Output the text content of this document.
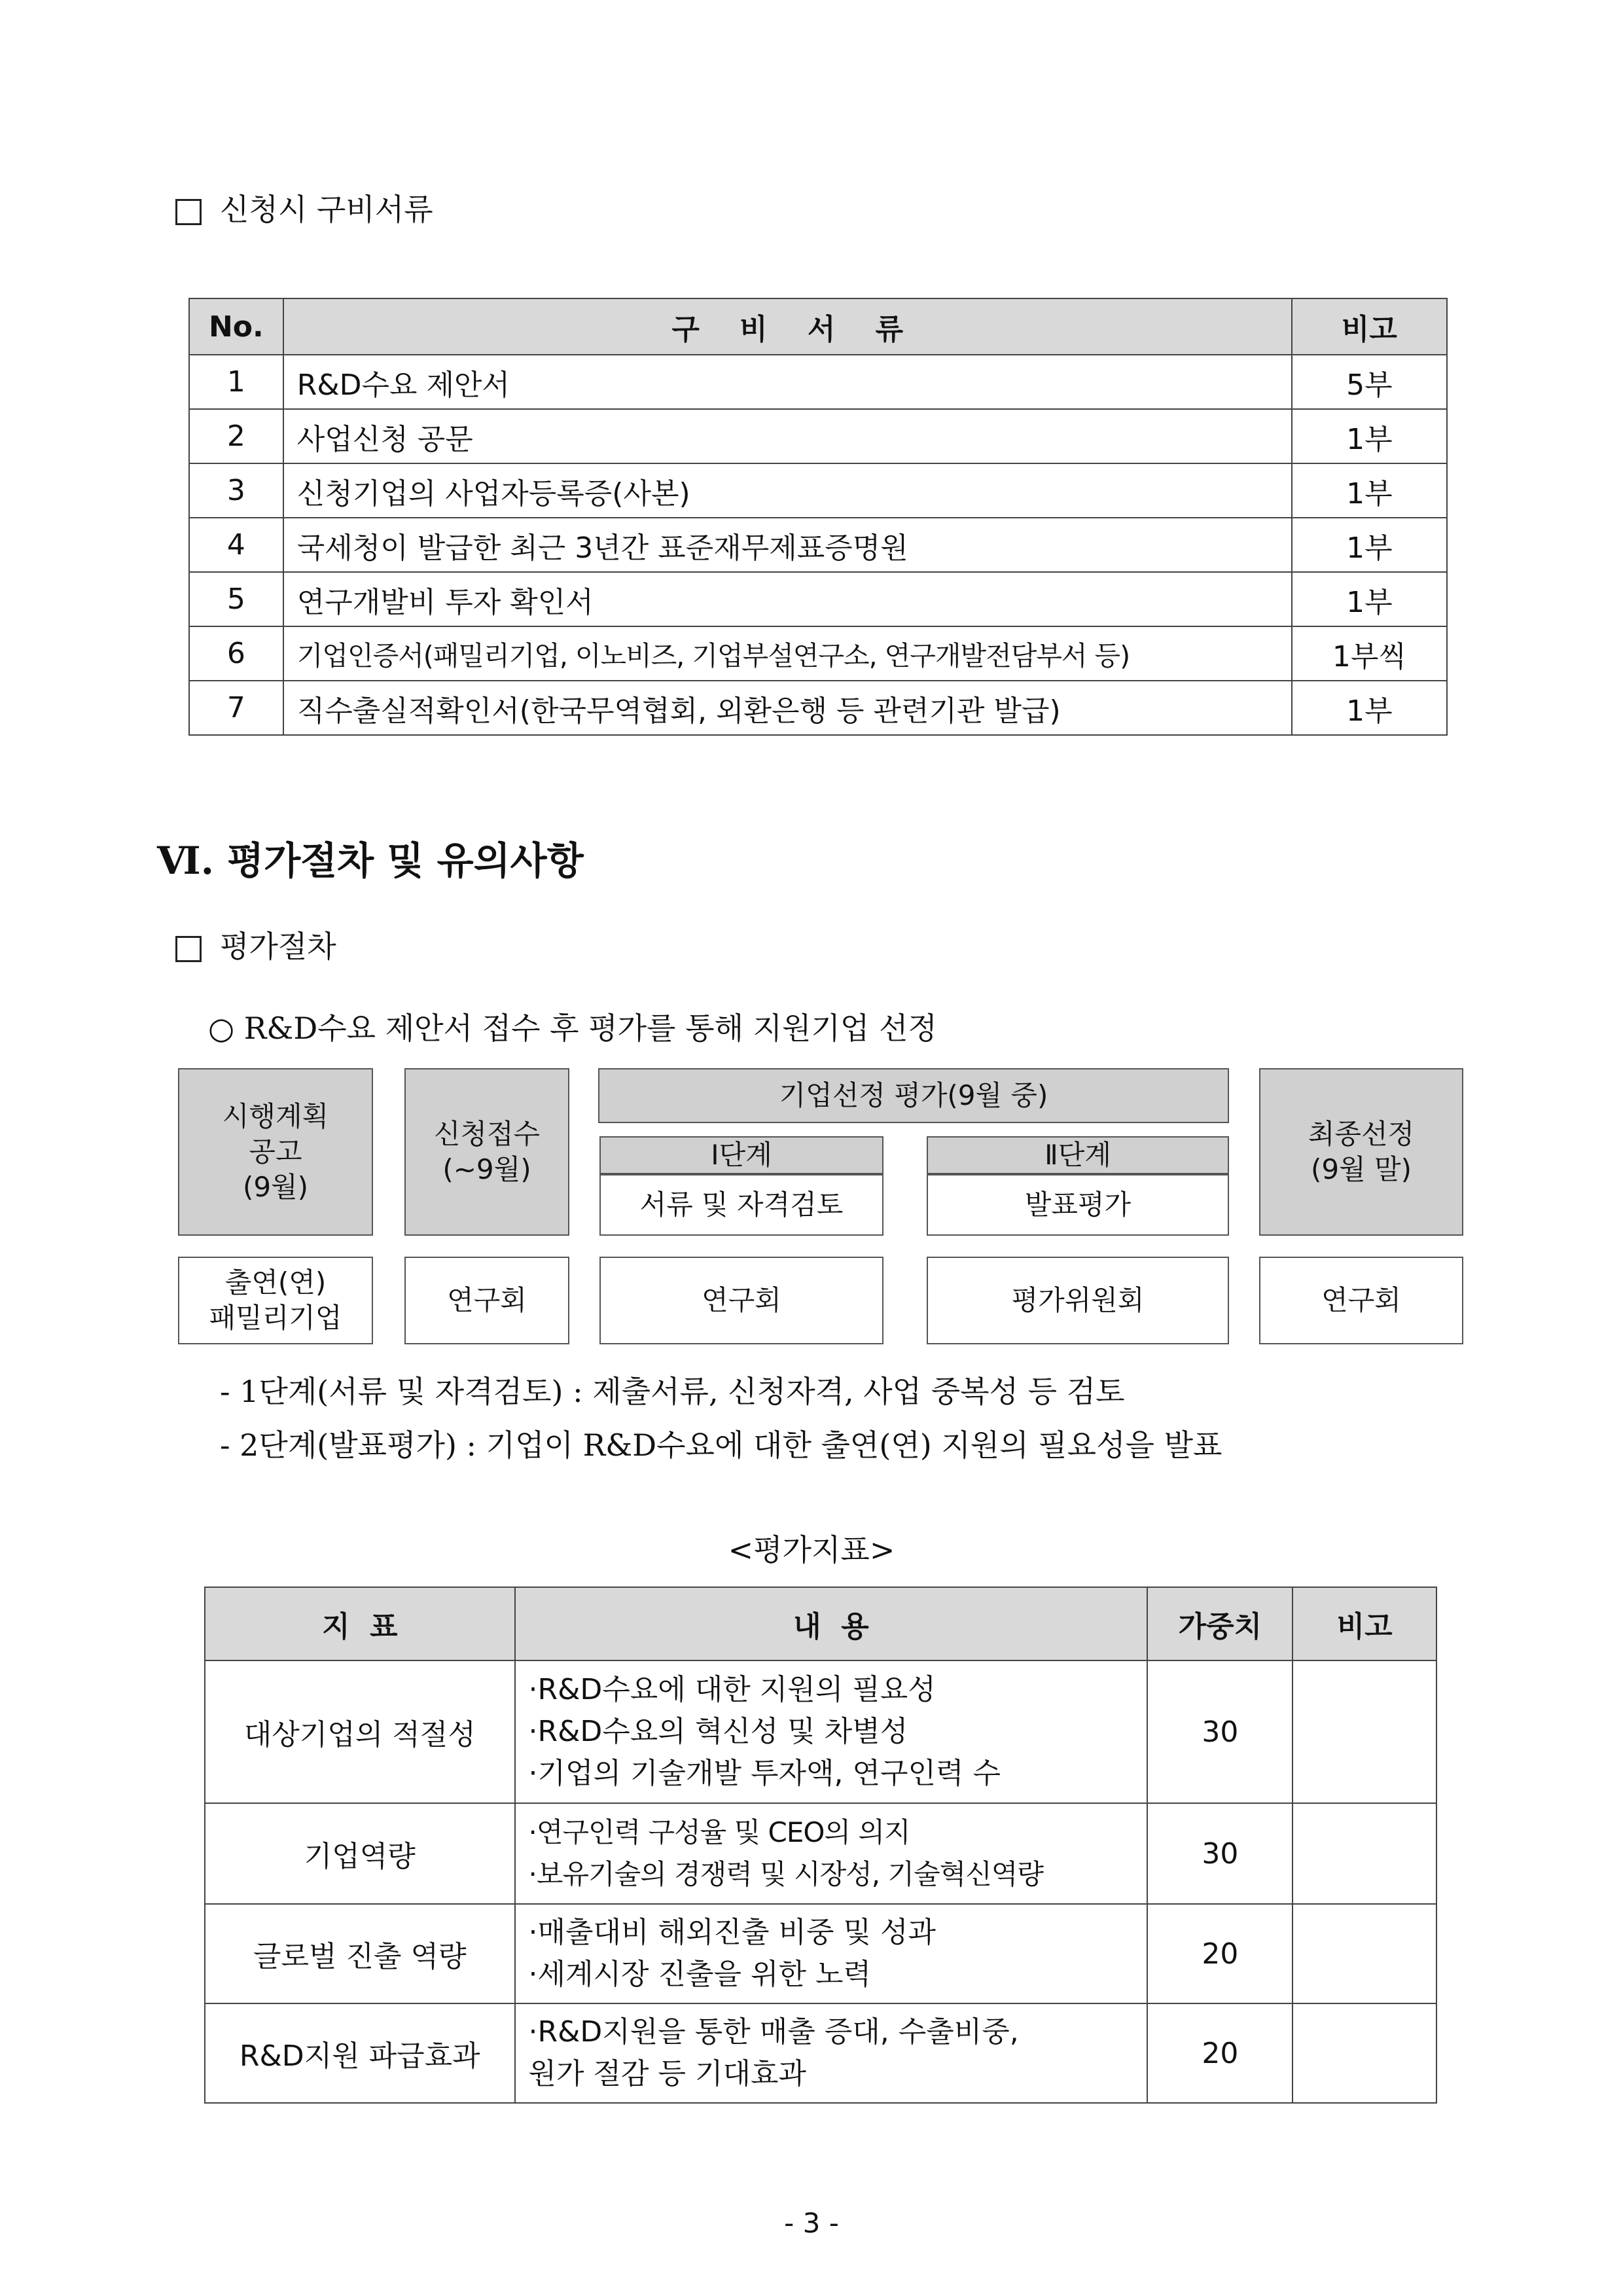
신청시 구비서류
No.	구    비    서    류	비고
1	R&D수요 제안서	5부
2	사업신청 공문	1부
3	신청기업의 사업자등록증(사본)	1부
4	국세청이 발급한 최근 3년간 표준재무제표증명원	1부
5	연구개발비 투자 확인서	1부
6	기업인증서(패밀리기업, 이노비즈, 기업부설연구소, 연구개발전담부서 등)	1부씩
7	직수출실적확인서(한국무역협회, 외환은행 등 관련기관 발급)	1부
Ⅵ. 평가절차 및 유의사항
평가절차
○ R&D수요 제안서 접수 후 평가를 통해 지원기업 선정
시행계획
공고
(9월)
신청접수
(~9월)
기업선정 평가(9월 중)
Ⅰ단계
서류 및 자격검토
Ⅱ단계
발표평가
최종선정
(9월 말)
출연(연)
패밀리기업
연구회	연구회	평가위원회	연구회
- 1단계(서류 및 자격검토) : 제출서류, 신청자격, 사업 중복성 등 검토
- 2단계(발표평가) : 기업이 R&D수요에 대한 출연(연) 지원의 필요성을 발표
<평가지표>
지  표	내  용	가중치	비고
대상기업의 적절성	·R&D수요에 대한 지원의 필요성
·R&D수요의 혁신성 및 차별성
·기업의 기술개발 투자액, 연구인력 수	30	
기업역량	·연구인력 구성율 및 CEO의 의지
·보유기술의 경쟁력 및 시장성, 기술혁신역량	30	
글로벌 진출 역량	·매출대비 해외진출 비중 및 성과
·세계시장 진출을 위한 노력	20	
R&D지원 파급효과	·R&D지원을 통한 매출 증대, 수출비중,
원가 절감 등 기대효과	20	
- 3 -
